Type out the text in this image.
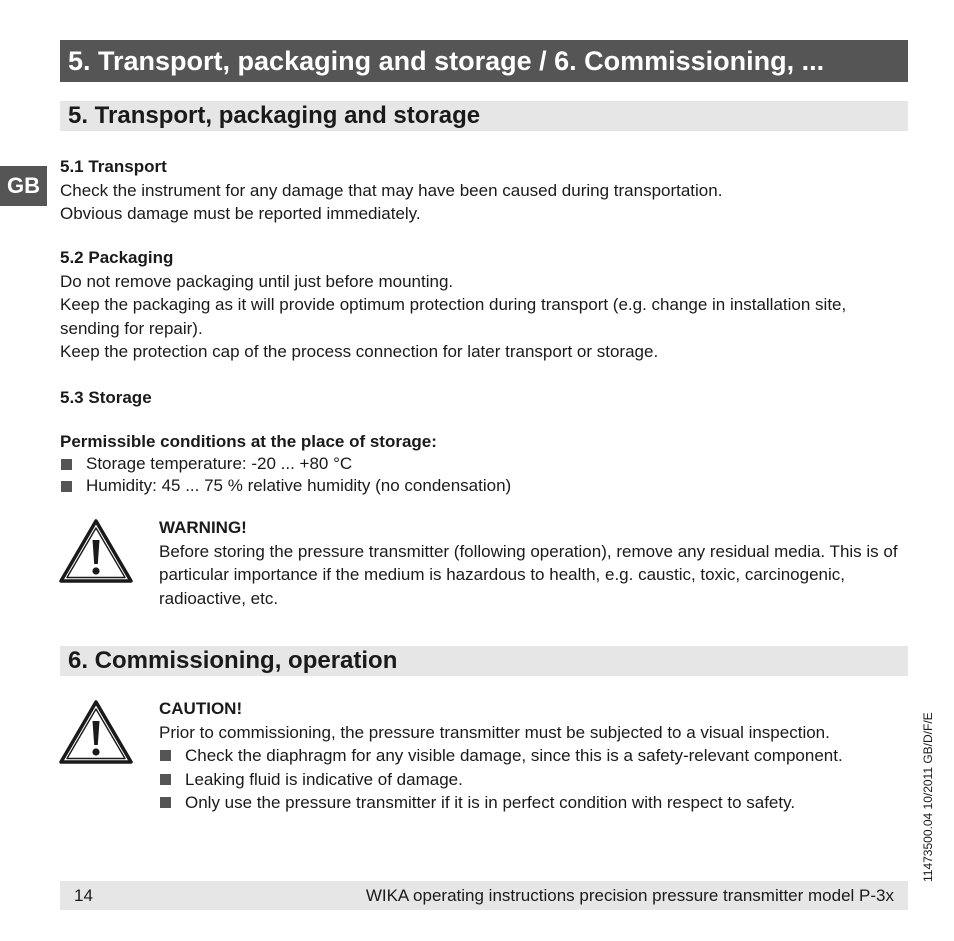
5. Transport, packaging and storage / 6. Commissioning, ...
5. Transport, packaging and storage
GB

5.1 Transport

Check the instrument for any damage that may have been caused during transportation.

Obvious damage must be reported immediately.

5.2 Packaging

Do not remove packaging until just before mounting.

Keep the packaging as it will provide optimum protection during transport (e.g. change in installation site, sending for repair).

Keep the protection cap of the process connection for later transport or storage.

5.3 Storage

Permissible conditions at the place of storage:

Storage temperature: -20 ... +80 °C

Humidity: 45 ... 75 % relative humidity (no condensation)

WARNING!

Before storing the pressure transmitter (following operation), remove any residual media. This is of particular importance if the medium is hazardous to health, e.g. caustic, toxic, carcinogenic, radioactive, etc.

6. Commissioning, operation

CAUTION!

Prior to commissioning, the pressure transmitter must be subjected to a visual inspection.

Check the diaphragm for any visible damage, since this is a safety-relevant component.

Leaking fluid is indicative of damage.

Only use the pressure transmitter if it is in perfect condition with respect to safety.

14	WIKA operating instructions precision pressure transmitter model P-3x
11473500.04 10/2011 GB/D/F/E
